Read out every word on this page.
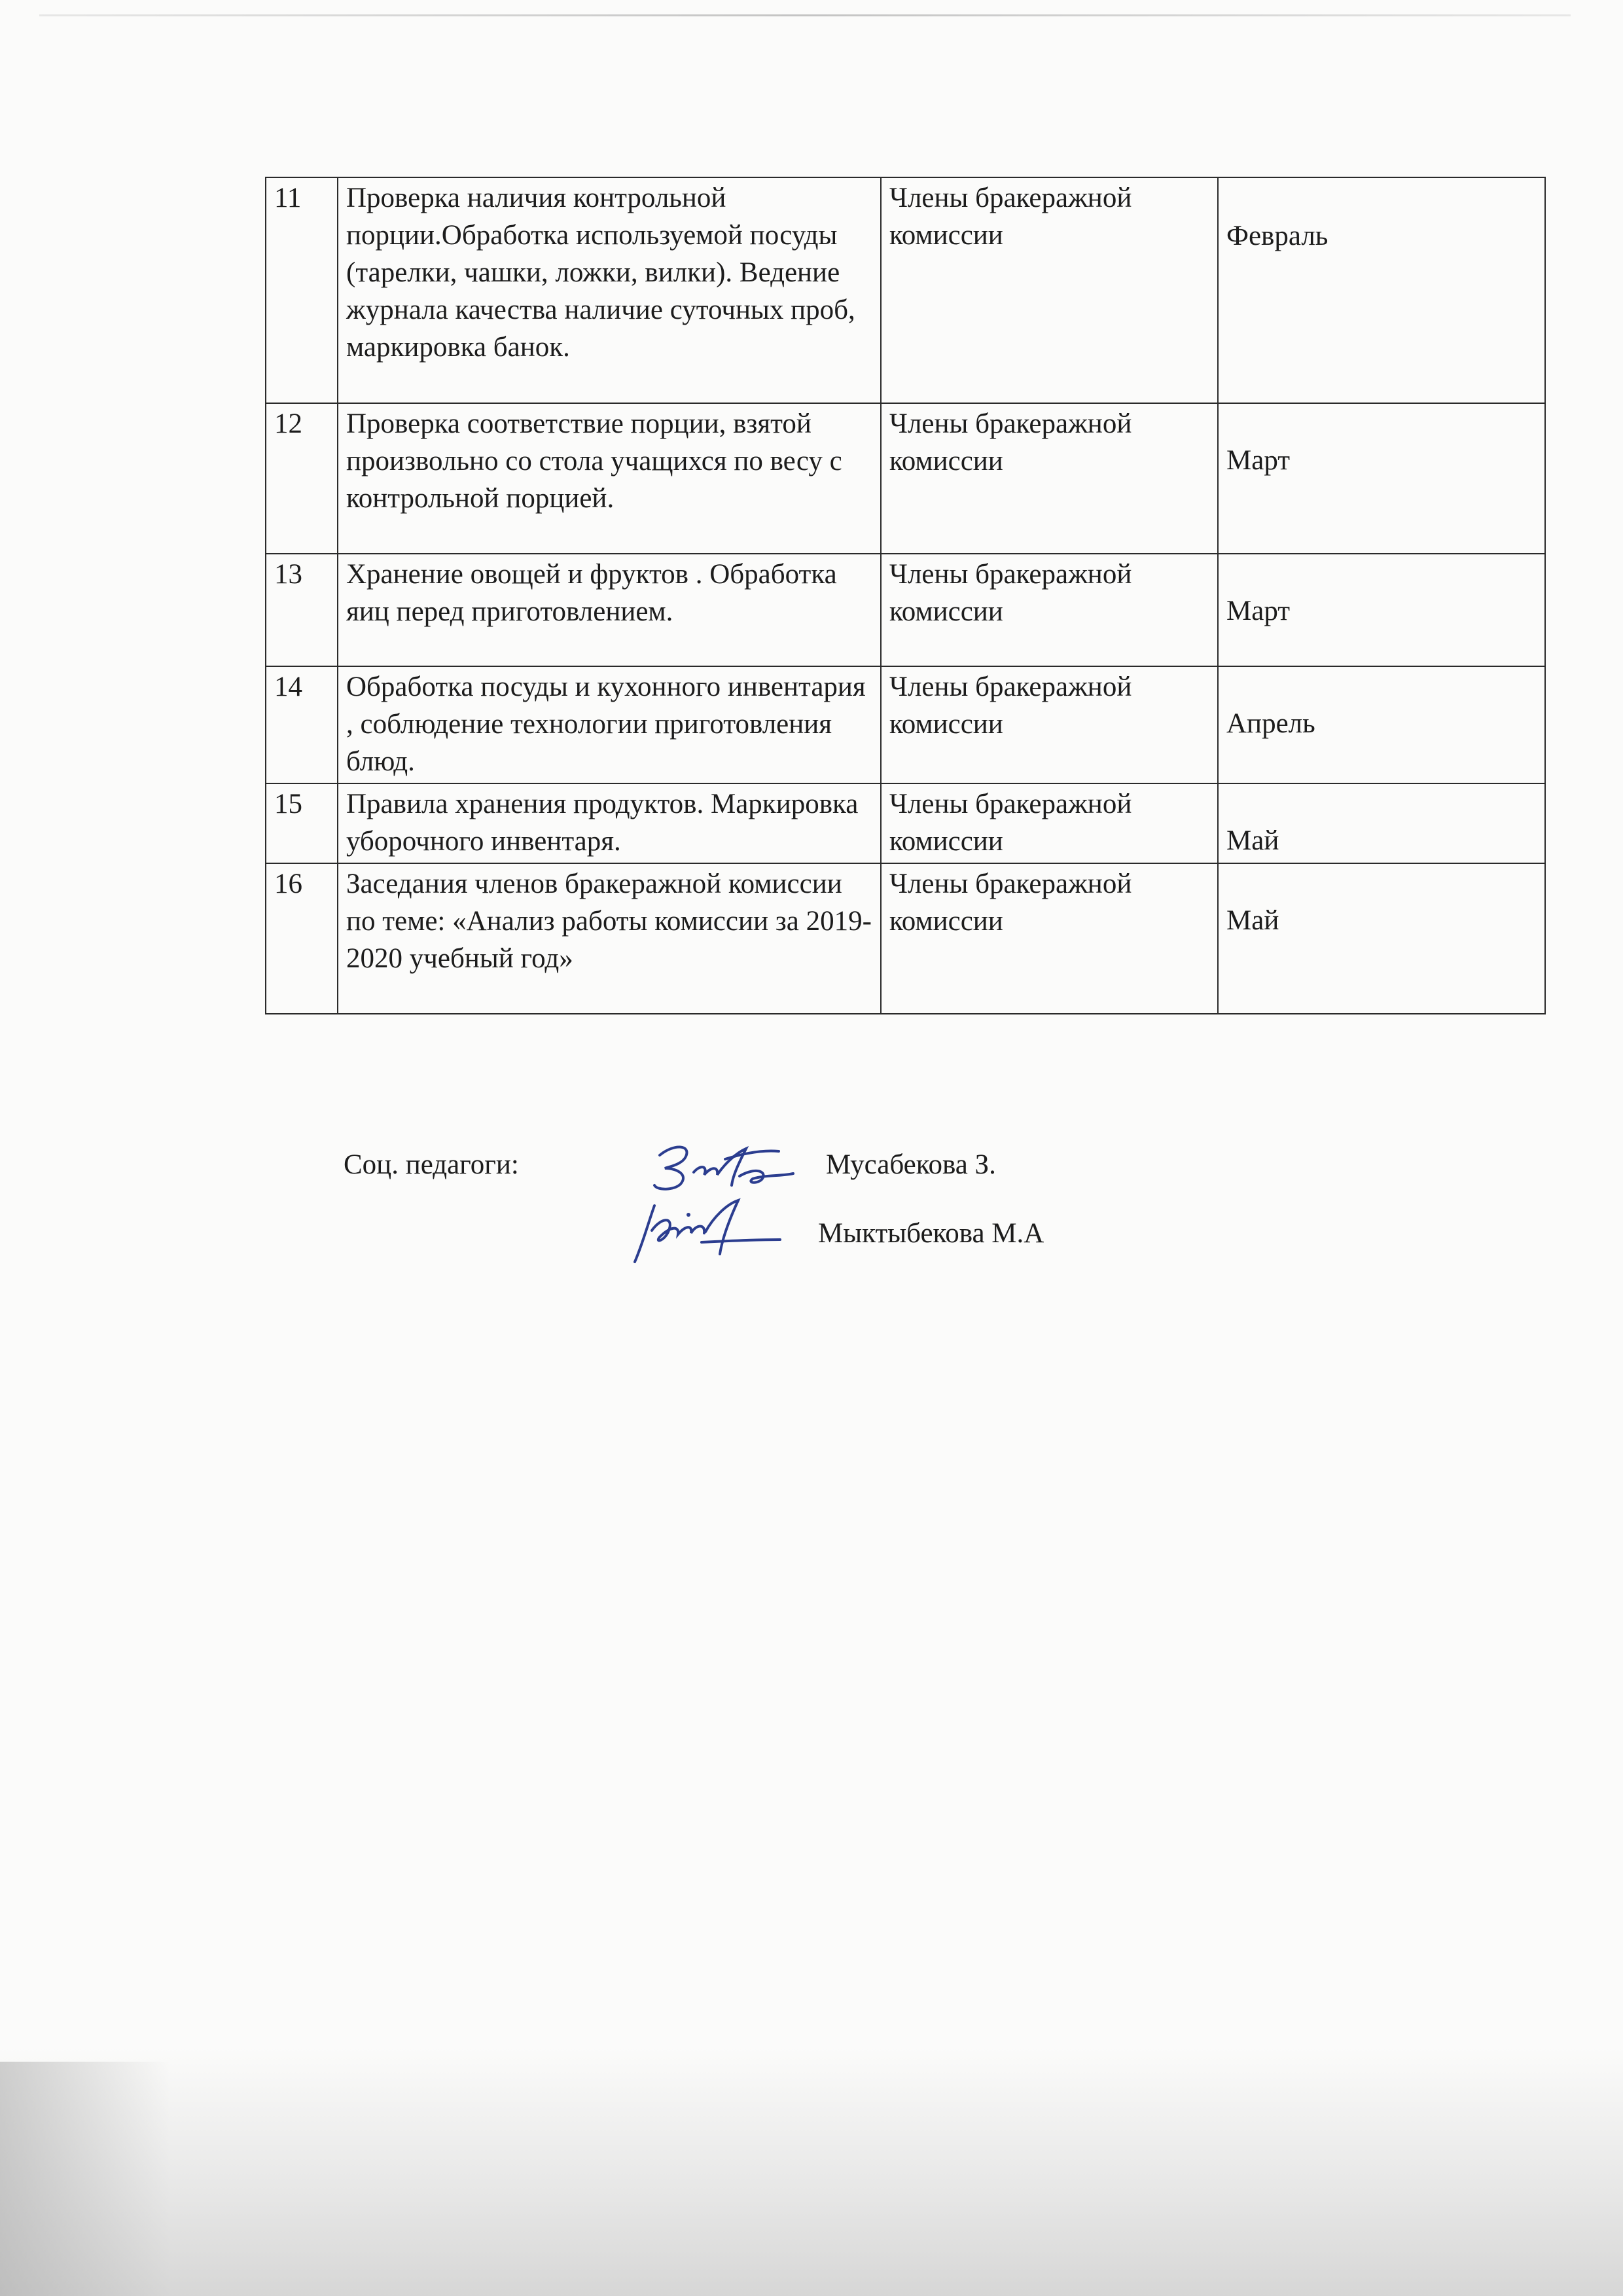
11	Проверка наличия контрольной порции.Обработка используемой посуды (тарелки, чашки, ложки, вилки). Ведение журнала качества наличие суточных проб, маркировка банок.	Члены бракеражной комиссии	Февраль
12	Проверка соответствие порции, взятой произвольно со стола учащихся по весу с контрольной порцией.	Члены бракеражной комиссии	Март
13	Хранение овощей и фруктов . Обработка яиц перед приготовлением.	Члены бракеражной комиссии	Март
14	Обработка посуды и кухонного инвентария , соблюдение технологии приготовления блюд.	Члены бракеражной комиссии	Апрель
15	Правила хранения продуктов. Маркировка уборочного инвентаря.	Члены бракеражной комиссии	Май
16	Заседания членов бракеражной комиссии по теме: «Анализ работы комиссии за 2019-2020 учебный год»	Члены бракеражной комиссии	Май
Соц. педагоги:	Мусабекова З.
Мыктыбекова М.А
